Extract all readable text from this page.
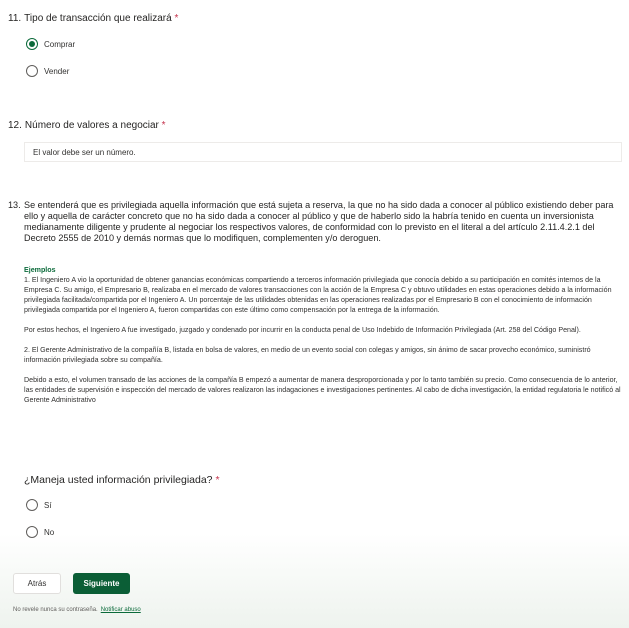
11. Tipo de transacción que realizará *
Comprar
Vender
12. Número de valores a negociar *
El valor debe ser un número.
13. Se entenderá que es privilegiada aquella información que está sujeta a reserva, la que no ha sido dada a conocer al público existiendo deber para ello y aquella de carácter concreto que no ha sido dada a conocer al público y que de haberlo sido la habría tenido en cuenta un inversionista medianamente diligente y prudente al negociar los respectivos valores, de conformidad con lo previsto en el literal a del artículo 2.11.4.2.1 del Decreto 2555 de 2010 y demás normas que lo modifiquen, complementen y/o deroguen.

Ejemplos

1. El Ingeniero A vio la oportunidad de obtener ganancias económicas compartiendo a terceros información privilegiada que conocía debido a su participación en comités internos de la Empresa C. Su amigo, el Empresario B, realizaba en el mercado de valores transacciones con la acción de la Empresa C y obtuvo utilidades en estas operaciones debido a la información privilegiada facilitada/compartida por el Ingeniero A. Un porcentaje de las utilidades obtenidas en las operaciones realizadas por el Empresario B con el conocimiento de información privilegiada compartida por el Ingeniero A, fueron compartidas con este último como compensación por la entrega de la información.

Por estos hechos, el Ingeniero A fue investigado, juzgado y condenado por incurrir en la conducta penal de Uso Indebido de Información Privilegiada (Art. 258 del Código Penal).

2. El Gerente Administrativo de la compañía B, listada en bolsa de valores, en medio de un evento social con colegas y amigos, sin ánimo de sacar provecho económico, suministró información privilegiada sobre su compañía.

Debido a esto, el volumen transado de las acciones de la compañía B empezó a aumentar de manera desproporcionada y por lo tanto también su precio. Como consecuencia de lo anterior, las entidades de supervisión e inspección del mercado de valores realizaron las indagaciones e investigaciones pertinentes. Al cabo de dicha investigación, la entidad regulatoria le notificó al Gerente Administrativo

¿Maneja usted información privilegiada? *
Sí
No
Atrás	Siguiente
No revele nunca su contraseña. Notificar abuso
